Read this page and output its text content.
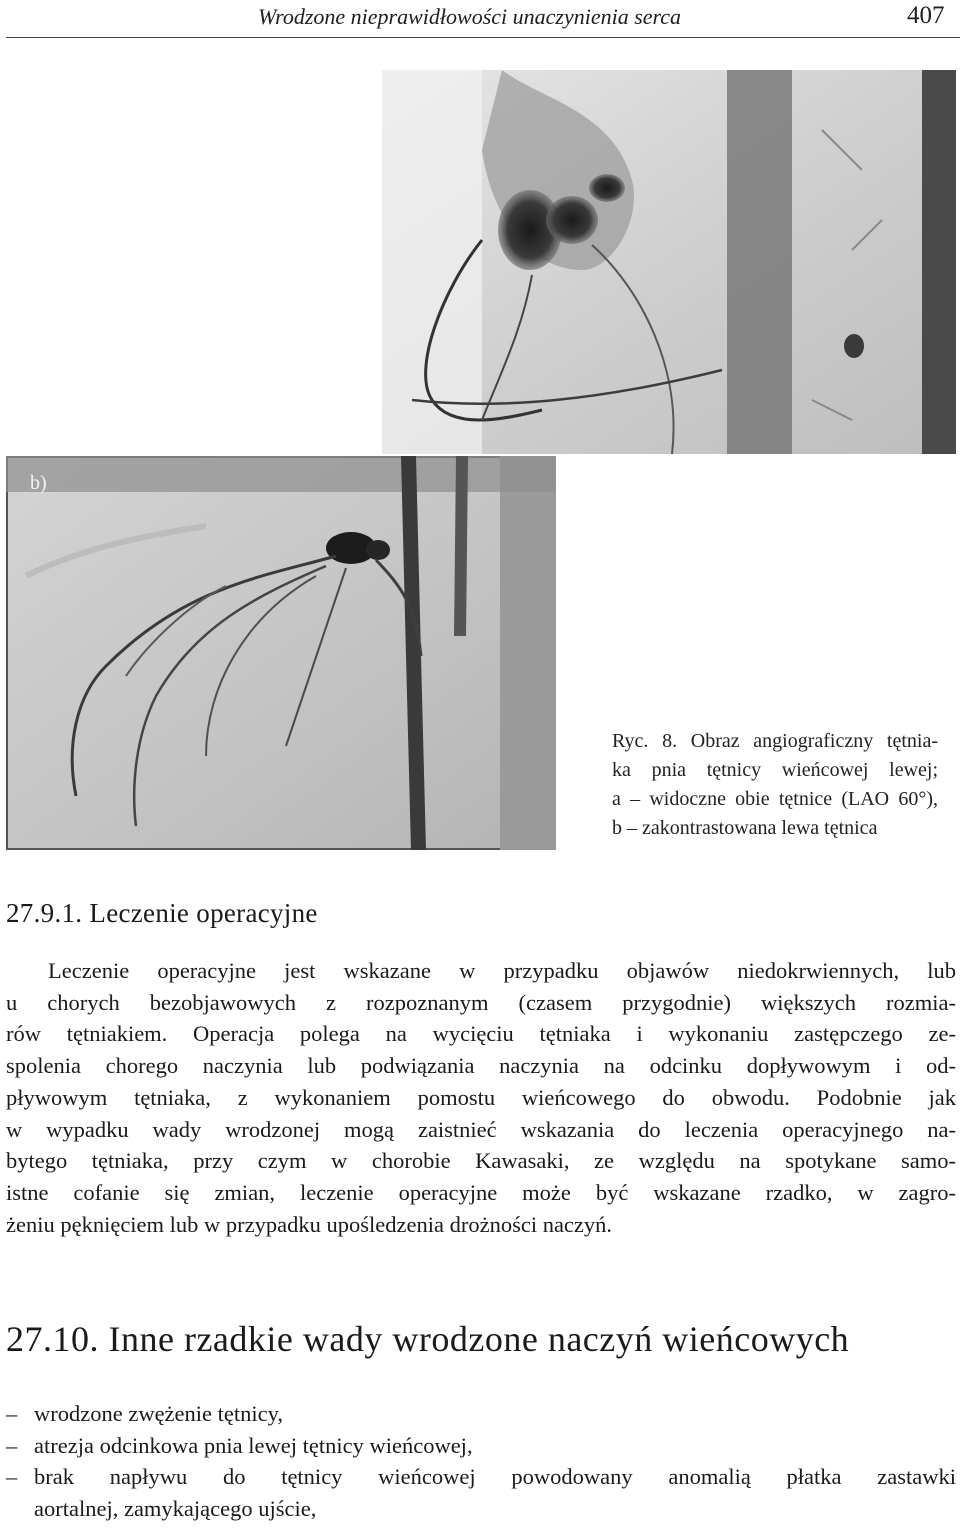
Wrodzone nieprawidłowości unaczynienia serca	407
b)
Ryc. 8. Obraz angiograficzny tętnia-
ka pnia tętnicy wieńcowej lewej;
a – widoczne obie tętnice (LAO 60°),
b – zakontrastowana lewa tętnica
27.9.1. Leczenie operacyjne
Leczenie operacyjne jest wskazane w przypadku objawów niedokrwiennych, lub
u chorych bezobjawowych z rozpoznanym (czasem przygodnie) większych rozmia-
rów tętniakiem. Operacja polega na wycięciu tętniaka i wykonaniu zastępczego ze-
spolenia chorego naczynia lub podwiązania naczynia na odcinku dopływowym i od-
pływowym tętniaka, z wykonaniem pomostu wieńcowego do obwodu. Podobnie jak
w wypadku wady wrodzonej mogą zaistnieć wskazania do leczenia operacyjnego na-
bytego tętniaka, przy czym w chorobie Kawasaki, ze względu na spotykane samo-
istne cofanie się zmian, leczenie operacyjne może być wskazane rzadko, w zagro-
żeniu pęknięciem lub w przypadku upośledzenia drożności naczyń.
27.10. Inne rzadkie wady wrodzone naczyń wieńcowych
– wrodzone zwężenie tętnicy,
– atrezja odcinkowa pnia lewej tętnicy wieńcowej,
– brak napływu do tętnicy wieńcowej powodowany anomalią płatka zastawki
aortalnej, zamykającego ujście,
